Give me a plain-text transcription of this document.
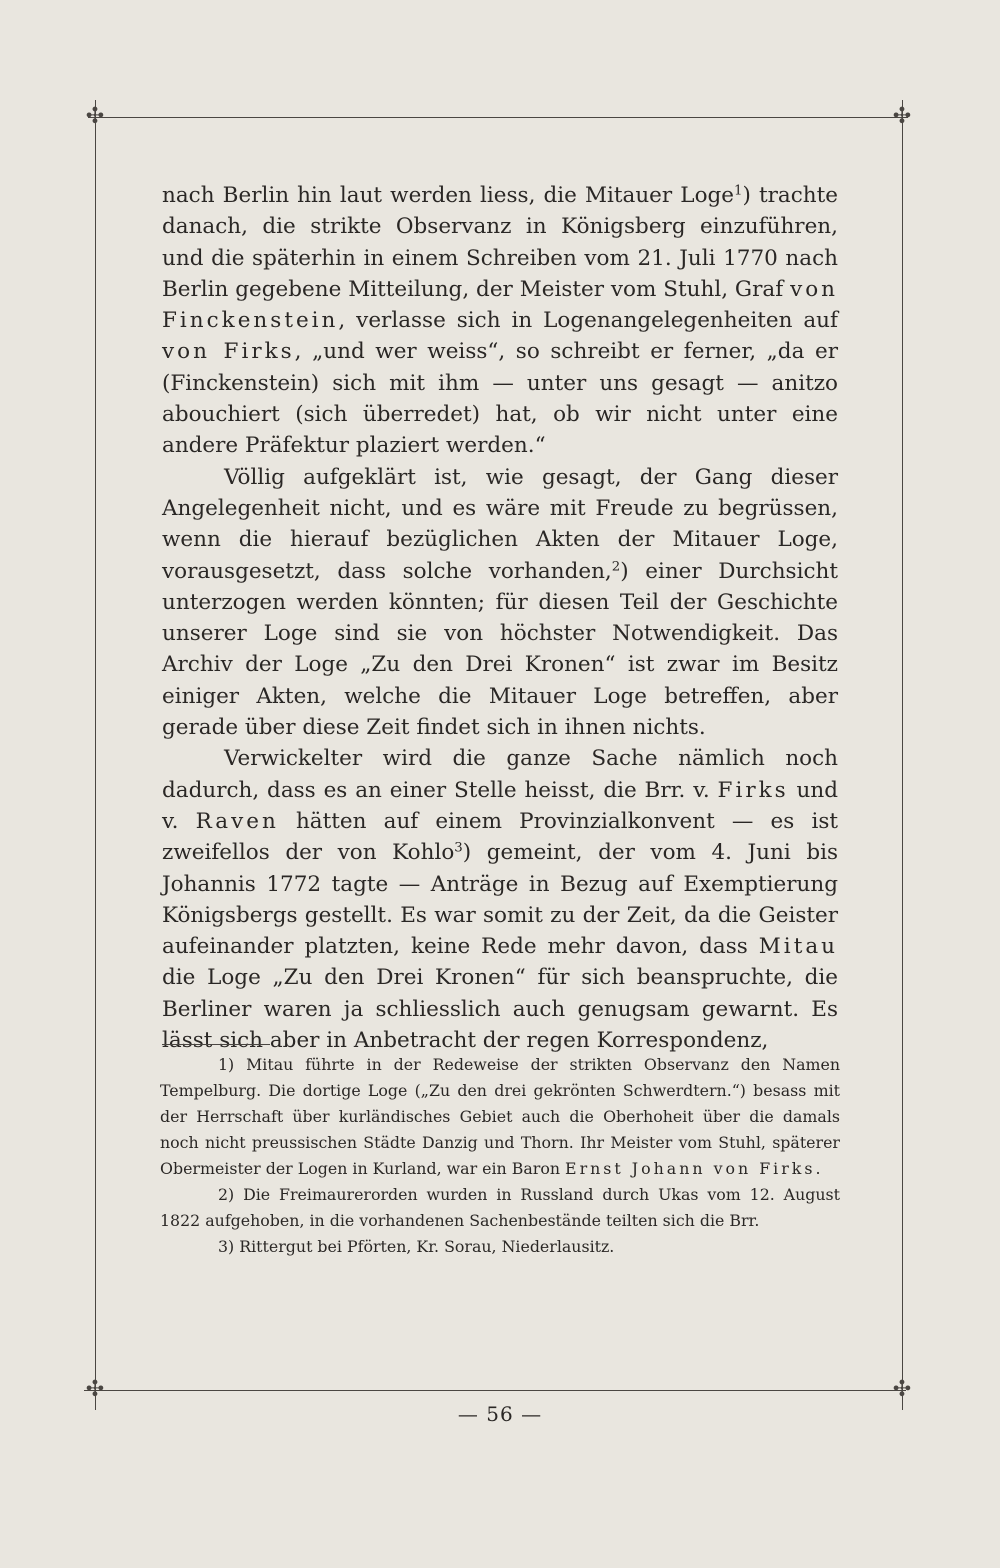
✣	✣
✣	✣

nach Berlin hin laut werden liess, die Mitauer Loge$^1$) trachte danach, die strikte Observanz in Königsberg einzuführen, und die späterhin in einem Schreiben vom 21. Juli 1770 nach Berlin gegebene Mitteilung, der Meister vom Stuhl, Graf von Finckenstein, verlasse sich in Logenangelegenheiten auf von Firks, „und wer weiss“, so schreibt er ferner, „da er (Finckenstein) sich mit ihm — unter uns gesagt — anitzo abouchiert (sich überredet) hat, ob wir nicht unter eine andere Präfektur plaziert werden.“

Völlig aufgeklärt ist, wie gesagt, der Gang dieser Angelegenheit nicht, und es wäre mit Freude zu begrüssen, wenn die hierauf bezüglichen Akten der Mitauer Loge, vorausgesetzt, dass solche vorhanden,$^2$) einer Durchsicht unterzogen werden könnten; für diesen Teil der Geschichte unserer Loge sind sie von höchster Notwendigkeit. Das Archiv der Loge „Zu den Drei Kronen“ ist zwar im Besitz einiger Akten, welche die Mitauer Loge betreffen, aber gerade über diese Zeit findet sich in ihnen nichts.

Verwickelter wird die ganze Sache nämlich noch dadurch, dass es an einer Stelle heisst, die Brr. v. Firks und v. Raven hätten auf einem Provinzialkonvent — es ist zweifellos der von Kohlo$^3$) gemeint, der vom 4. Juni bis Johannis 1772 tagte — Anträge in Bezug auf Exemptierung Königsbergs gestellt. Es war somit zu der Zeit, da die Geister aufeinander platzten, keine Rede mehr davon, dass Mitau die Loge „Zu den Drei Kronen“ für sich beanspruchte, die Berliner waren ja schliesslich auch genugsam gewarnt. Es lässt sich aber in Anbetracht der regen Korrespondenz,

1) Mitau führte in der Redeweise der strikten Observanz den Namen Tempelburg. Die dortige Loge („Zu den drei gekrönten Schwerdtern.“) besass mit der Herrschaft über kurländisches Gebiet auch die Oberhoheit über die damals noch nicht preussischen Städte Danzig und Thorn. Ihr Meister vom Stuhl, späterer Obermeister der Logen in Kurland, war ein Baron Ernst Johann von Firks.

2) Die Freimaurerorden wurden in Russland durch Ukas vom 12. August 1822 aufgehoben, in die vorhandenen Sachenbestände teilten sich die Brr.

3) Rittergut bei Pförten, Kr. Sorau, Niederlausitz.

— 56 —
